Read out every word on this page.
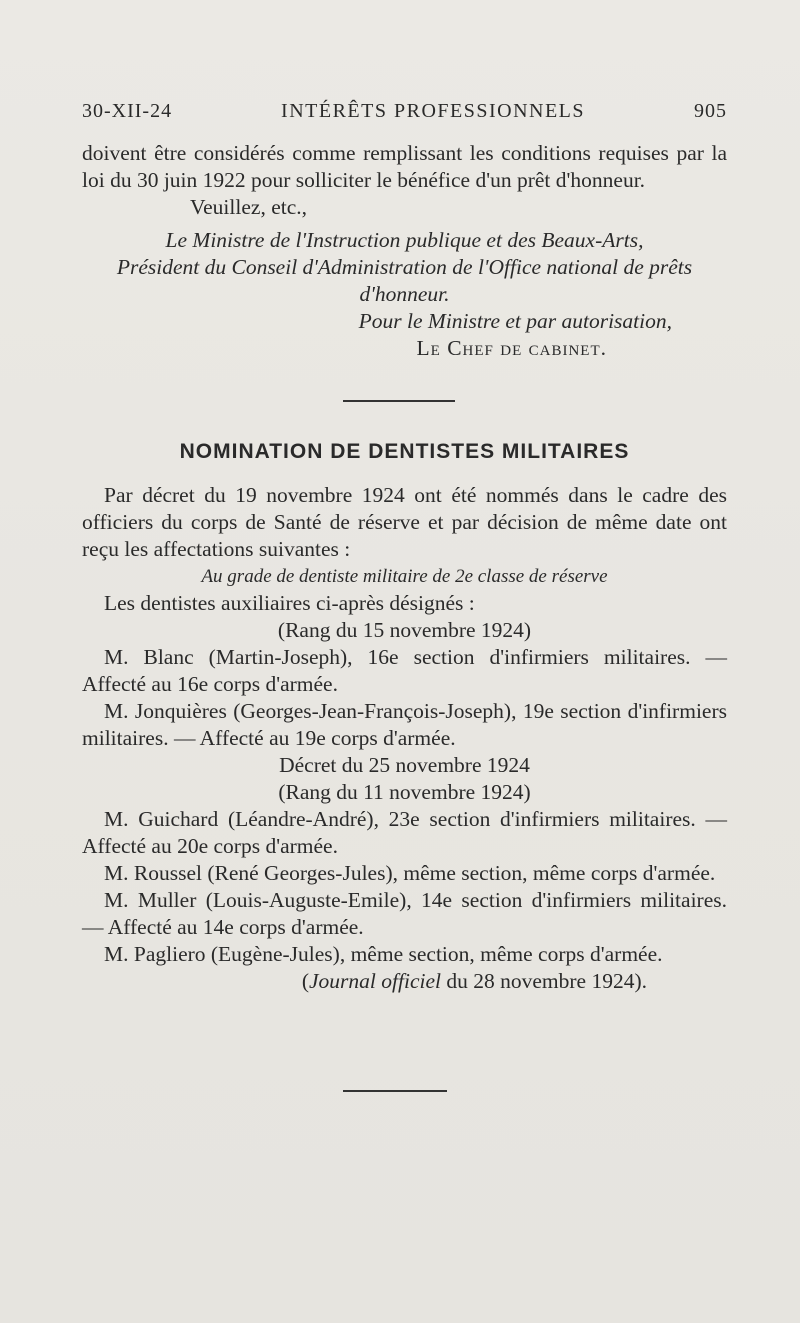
30-XII-24	INTÉRÊTS PROFESSIONNELS	905
doivent être considérés comme remplissant les conditions requises par la loi du 30 juin 1922 pour solliciter le bénéfice d'un prêt d'honneur.
Veuillez, etc.,
Le Ministre de l'Instruction publique et des Beaux-Arts,
Président du Conseil d'Administration de l'Office national de prêts d'honneur.
Pour le Ministre et par autorisation,
Le Chef de cabinet.
NOMINATION DE DENTISTES MILITAIRES
Par décret du 19 novembre 1924 ont été nommés dans le cadre des officiers du corps de Santé de réserve et par décision de même date ont reçu les affectations suivantes :
Au grade de dentiste militaire de 2e classe de réserve
Les dentistes auxiliaires ci-après désignés :
(Rang du 15 novembre 1924)
M. Blanc (Martin-Joseph), 16e section d'infirmiers militaires. — Affecté au 16e corps d'armée.
M. Jonquières (Georges-Jean-François-Joseph), 19e section d'infirmiers militaires. — Affecté au 19e corps d'armée.
Décret du 25 novembre 1924
(Rang du 11 novembre 1924)
M. Guichard (Léandre-André), 23e section d'infirmiers militaires. — Affecté au 20e corps d'armée.
M. Roussel (René Georges-Jules), même section, même corps d'armée.
M. Muller (Louis-Auguste-Emile), 14e section d'infirmiers militaires. — Affecté au 14e corps d'armée.
M. Pagliero (Eugène-Jules), même section, même corps d'armée.
(Journal officiel du 28 novembre 1924).
